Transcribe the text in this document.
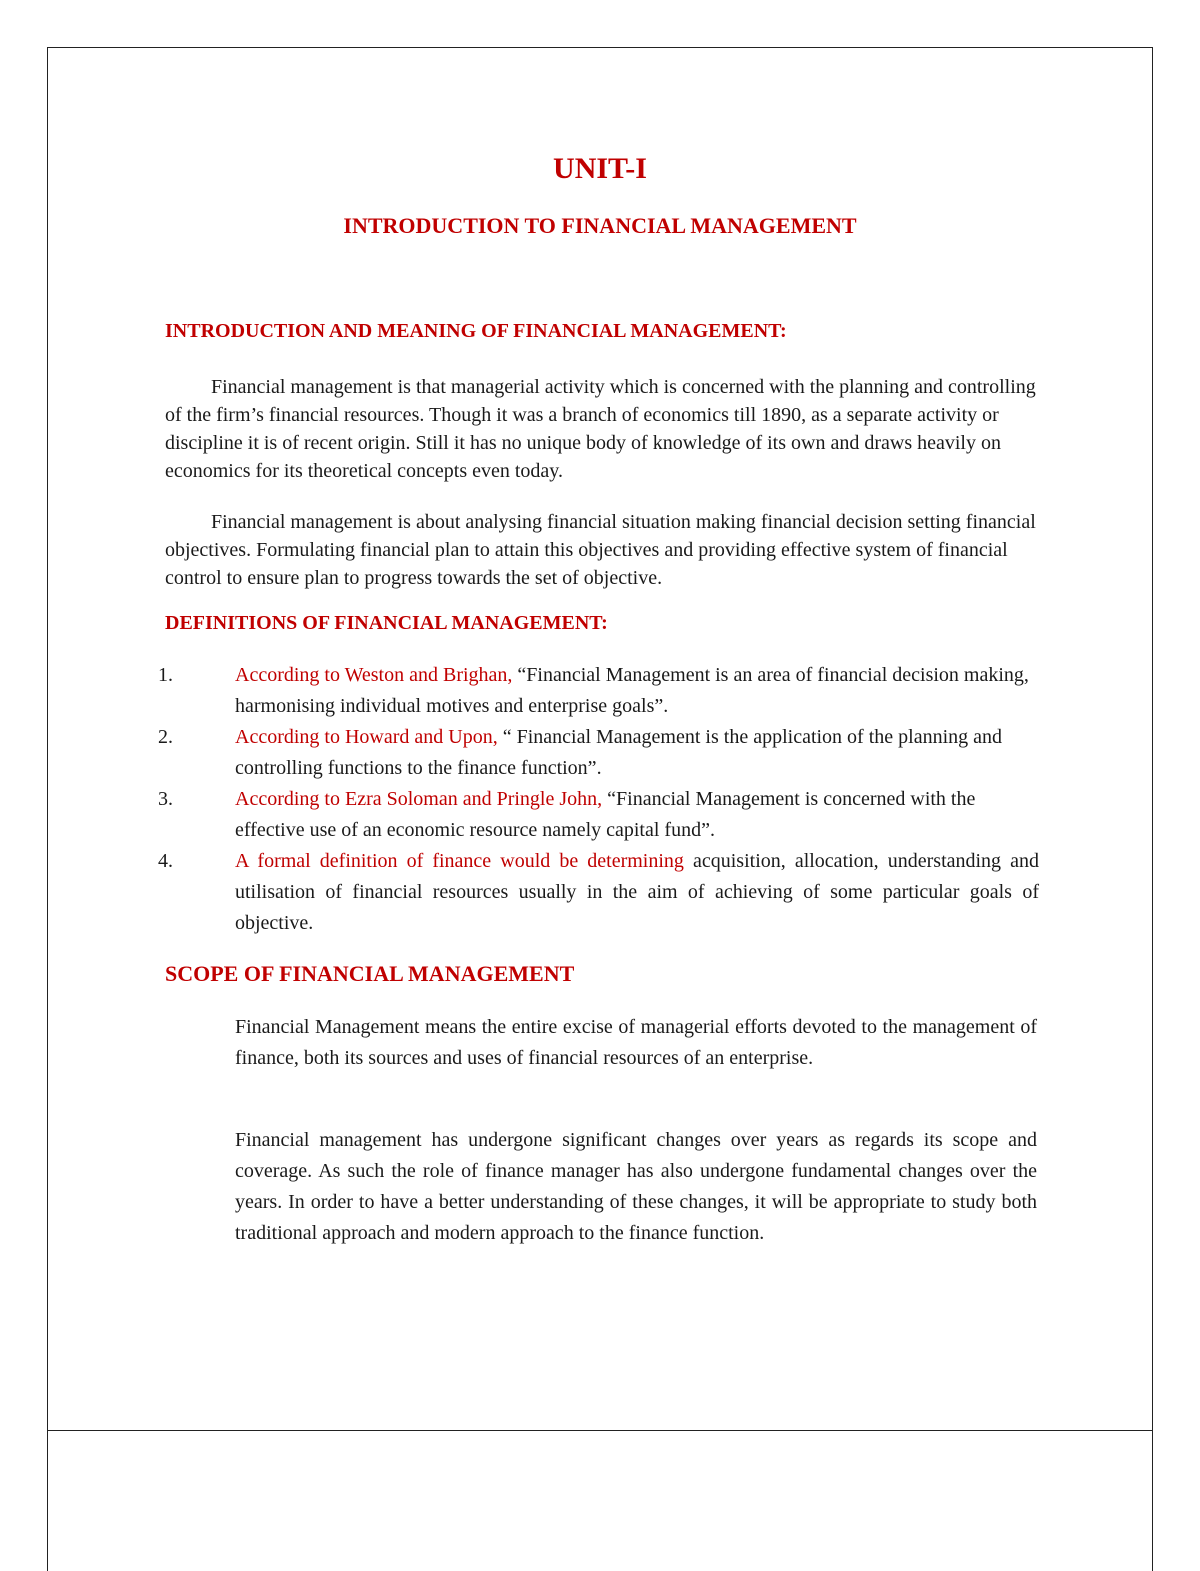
UNIT-I
INTRODUCTION TO FINANCIAL MANAGEMENT
INTRODUCTION AND MEANING OF FINANCIAL MANAGEMENT:
Financial management is that managerial activity which is concerned with the planning and controlling of the firm’s financial resources. Though it was a branch of economics till 1890, as a separate activity or discipline it is of recent origin. Still it has no unique body of knowledge of its own and draws heavily on economics for its theoretical concepts even today.
Financial management is about analysing financial situation making financial decision setting financial objectives. Formulating financial plan to attain this objectives and providing effective system of financial control to ensure plan to progress towards the set of objective.
DEFINITIONS OF FINANCIAL MANAGEMENT:
1.	According to Weston and Brighan, “Financial Management is an area of financial decision making, harmonising individual motives and enterprise goals”.
2.	According to Howard and Upon, “ Financial Management is the application of the planning and controlling functions to the finance function”.
3.	According to Ezra Soloman and Pringle John, “Financial Management is concerned with the effective use of an economic resource namely capital fund”.
4.	A formal definition of finance would be determining acquisition, allocation, understanding and utilisation of financial resources usually in the aim of achieving of some particular goals of objective.
SCOPE OF FINANCIAL MANAGEMENT
Financial Management means the entire excise of managerial efforts devoted to the management of finance, both its sources and uses of financial resources of an enterprise.
Financial management has undergone significant changes over years as regards its scope and coverage. As such the role of finance manager has also undergone fundamental changes over the years. In order to have a better understanding of these changes, it will be appropriate to study both traditional approach and modern approach to the finance function.
